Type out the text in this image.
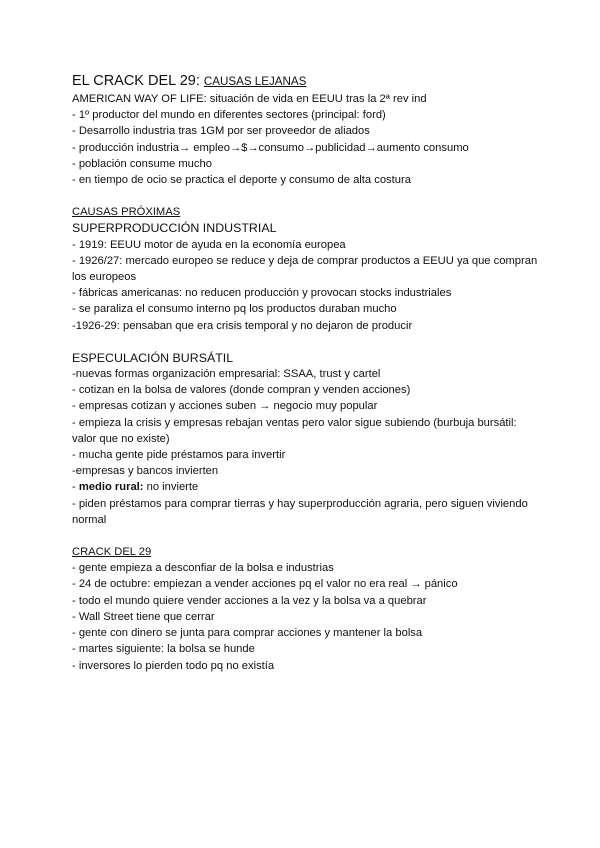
EL CRACK DEL 29: CAUSAS LEJANAS

AMERICAN WAY OF LIFE: situación de vida en EEUU tras la 2ª rev ind

- 1º productor del mundo en diferentes sectores (principal: ford)

- Desarrollo industria tras 1GM por ser proveedor de aliados

- producción industria→ empleo→$→consumo→publicidad→aumento consumo

- población consume mucho

- en tiempo de ocio se practica el deporte y consumo de alta costura

CAUSAS PRÓXIMAS

SUPERPRODUCCIÓN INDUSTRIAL

- 1919: EEUU motor de ayuda en la economía europea

- 1926/27: mercado europeo se reduce y deja de comprar productos a EEUU ya que compran los europeos

- fábricas americanas: no reducen producción y provocan stocks industriales

- se paraliza el consumo interno pq los productos duraban mucho

-1926-29: pensaban que era crisis temporal y no dejaron de producir

ESPECULACIÓN BURSÁTIL

-nuevas formas organización empresarial: SSAA, trust y cartel

- cotizan en la bolsa de valores (donde compran y venden acciones)

- empresas cotizan y acciones suben → negocio muy popular

- empieza la crisis y empresas rebajan ventas pero valor sigue subiendo (burbuja bursátil: valor que no existe)

- mucha gente pide préstamos para invertir

-empresas y bancos invierten

- medio rural: no invierte

- piden préstamos para comprar tierras y hay superproducción agraria, pero siguen viviendo normal

CRACK DEL 29

- gente empieza a desconfiar de la bolsa e industrias

- 24 de octubre: empiezan a vender acciones pq el valor no era real → pánico

- todo el mundo quiere vender acciones a la vez y la bolsa va a quebrar

- Wall Street tiene que cerrar

- gente con dinero se junta para comprar acciones y mantener la bolsa

- martes siguiente: la bolsa se hunde

- inversores lo pierden todo pq no existía
